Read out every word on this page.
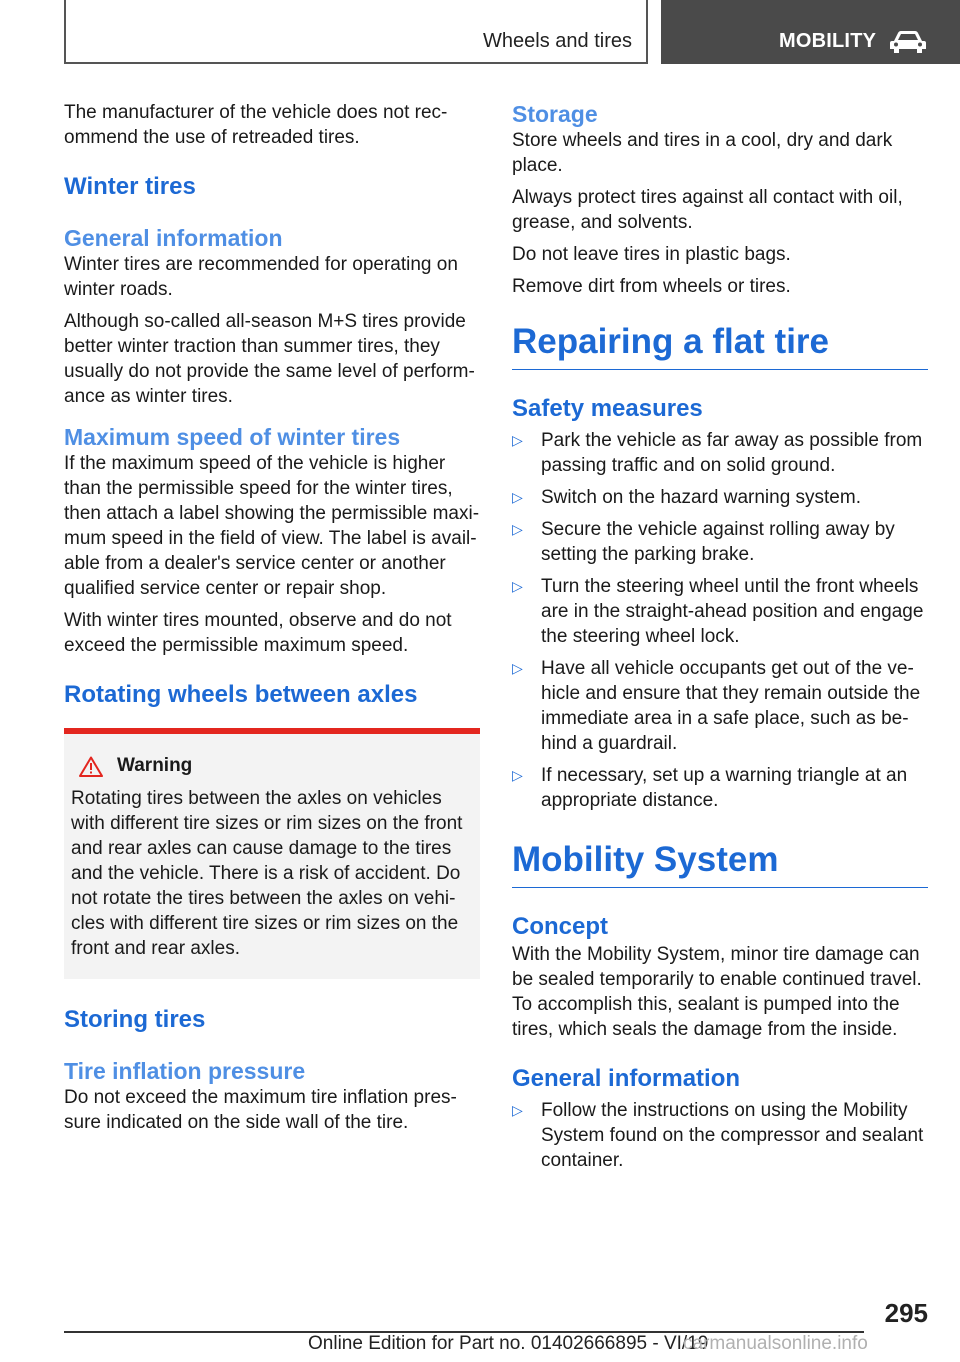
Wheels and tires	MOBILITY

The manufacturer of the vehicle does not rec-ommend the use of retreaded tires.

Winter tires
General information

Winter tires are recommended for operating on winter roads.

Although so-called all-season M+S tires provide better winter traction than summer tires, they usually do not provide the same level of perform-ance as winter tires.

Maximum speed of winter tires

If the maximum speed of the vehicle is higher than the permissible speed for the winter tires, then attach a label showing the permissible maxi-mum speed in the field of view. The label is avail-able from a dealer's service center or another qualified service center or repair shop.

With winter tires mounted, observe and do not exceed the permissible maximum speed.

Rotating wheels between axles
Warning

Rotating tires between the axles on vehicles with different tire sizes or rim sizes on the front and rear axles can cause damage to the tires and the vehicle. There is a risk of accident. Do not rotate the tires between the axles on vehi-cles with different tire sizes or rim sizes on the front and rear axles.

Storing tires
Tire inflation pressure

Do not exceed the maximum tire inflation pres-sure indicated on the side wall of the tire.

Storage

Store wheels and tires in a cool, dry and dark place.

Always protect tires against all contact with oil, grease, and solvents.

Do not leave tires in plastic bags.

Remove dirt from wheels or tires.

Repairing a flat tire
Safety measures
▷ Park the vehicle as far away as possible from passing traffic and on solid ground.
▷ Switch on the hazard warning system.
▷ Secure the vehicle against rolling away by setting the parking brake.
▷ Turn the steering wheel until the front wheels are in the straight-ahead position and engage the steering wheel lock.
▷ Have all vehicle occupants get out of the ve-hicle and ensure that they remain outside the immediate area in a safe place, such as be-hind a guardrail.
▷ If necessary, set up a warning triangle at an appropriate distance.
Mobility System
Concept

With the Mobility System, minor tire damage can be sealed temporarily to enable continued travel. To accomplish this, sealant is pumped into the tires, which seals the damage from the inside.

General information
▷ Follow the instructions on using the Mobility System found on the compressor and sealant container.
295
Online Edition for Part no. 01402666895 - VI/19
carmanualsonline.info
